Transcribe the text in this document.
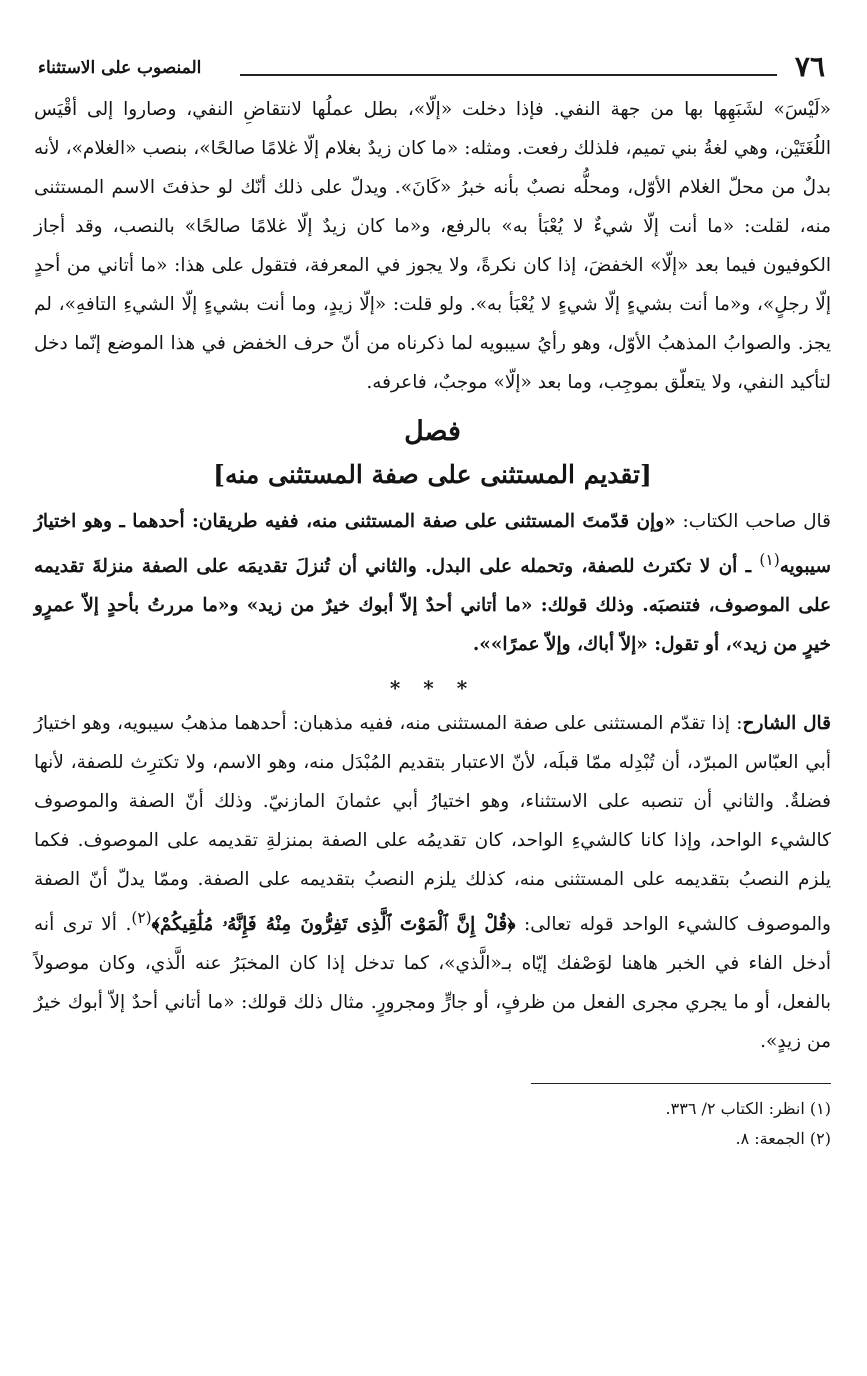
٧٦
المنصوب على الاستثناء

«لَيْسَ» لشَبَهِها بها من جهة النفي. فإذا دخلت «إلّا»، بطل عملُها لانتقاضِ النفي، وصاروا إلى أقْيَس اللُغَتَيْن، وهي لغةُ بني تميم، فلذلك رفعت. ومثله: «ما كان زيدٌ بغلام إلّا غلامًا صالحًا»، بنصب «الغلام»، لأنه بدلٌ من محلّ الغلام الأوّل، ومحلُّه نصبٌ بأنه خبرُ «كَانَ». ويدلّ على ذلك أنّك لو حذفتَ الاسم المستثنى منه، لقلت: «ما أنت إلّا شيءٌ لا يُعْبَأ به» بالرفع، و«ما كان زيدٌ إلّا غلامًا صالحًا» بالنصب، وقد أجاز الكوفيون فيما بعد «إلّا» الخفضَ، إذا كان نكرةً، ولا يجوز في المعرفة، فتقول على هذا: «ما أتاني من أحدٍ إلّا رجلٍ»، و«ما أنت بشيءٍ إلّا شيءٍ لا يُعْبَأ به». ولو قلت: «إلّا زيدٍ، وما أنت بشيءٍ إلّا الشيءِ التافهِ»، لم يجز. والصوابُ المذهبُ الأوّل، وهو رأيُ سيبويه لما ذكرناه من أنّ حرف الخفض في هذا الموضع إنّما دخل لتأكيد النفي، ولا يتعلّق بموجِب، وما بعد «إلّا» موجبٌ، فاعرفه.

فصل

[تقديم المستثنى على صفة المستثنى منه]

قال صاحب الكتاب: «وإن قدّمتَ المستثنى على صفة المستثنى منه، ففيه طريقان: أحدهما ـ وهو اختيارُ سيبويه$^{(١)}$ ـ أن لا تكترث للصفة، وتحمله على البدل. والثاني أن تُنزلَ تقديمَه على الصفة منزلةَ تقديمه على الموصوف، فتنصبَه. وذلك قولك: «ما أتاني أحدٌ إلاّ أبوك خيرٌ من زيد» و«ما مررتُ بأحدٍ إلاّ عمرٍو خيرٍ من زيد»، أو تقول: «إلاّ أباك، وإلاّ عمرًا»».

* * *

قال الشارح: إذا تقدّم المستثنى على صفة المستثنى منه، ففيه مذهبان: أحدهما مذهبُ سيبويه، وهو اختيارُ أبي العبّاس المبرّد، أن تُبْدِله ممّا قبلَه، لأنّ الاعتبار بتقديم المُبْدَل منه، وهو الاسم، ولا تكترِث للصفة، لأنها فضلةٌ. والثاني أن تنصبه على الاستثناء، وهو اختيارُ أبي عثمانَ المازنيّ. وذلك أنّ الصفة والموصوف كالشيء الواحد، وإذا كانا كالشيءِ الواحد، كان تقديمُه على الصفة بمنزلةِ تقديمه على الموصوف. فكما يلزم النصبُ بتقديمه على المستثنى منه، كذلك يلزم النصبُ بتقديمه على الصفة. وممّا يدلّ أنّ الصفة والموصوف كالشيء الواحد قوله تعالى: ﴿قُلْ إِنَّ ٱلْمَوْتَ ٱلَّذِى تَفِرُّونَ مِنْهُ فَإِنَّهُۥ مُلَٰقِيكُمْ﴾$^{(٢)}$. ألا ترى أنه أدخل الفاء في الخبر هاهنا لوَصْفك إيّاه بـ«الَّذي»، كما تدخل إذا كان المخبَرُ عنه الَّذي، وكان موصولاً بالفعل، أو ما يجري مجرى الفعل من ظرفٍ، أو جارٍّ ومجرورٍ. مثال ذلك قولك: «ما أتاني أحدٌ إلاّ أبوك خيرٌ من زيدٍ».

(١) انظر: الكتاب ٢/ ٣٣٦.
(٢) الجمعة: ٨.
